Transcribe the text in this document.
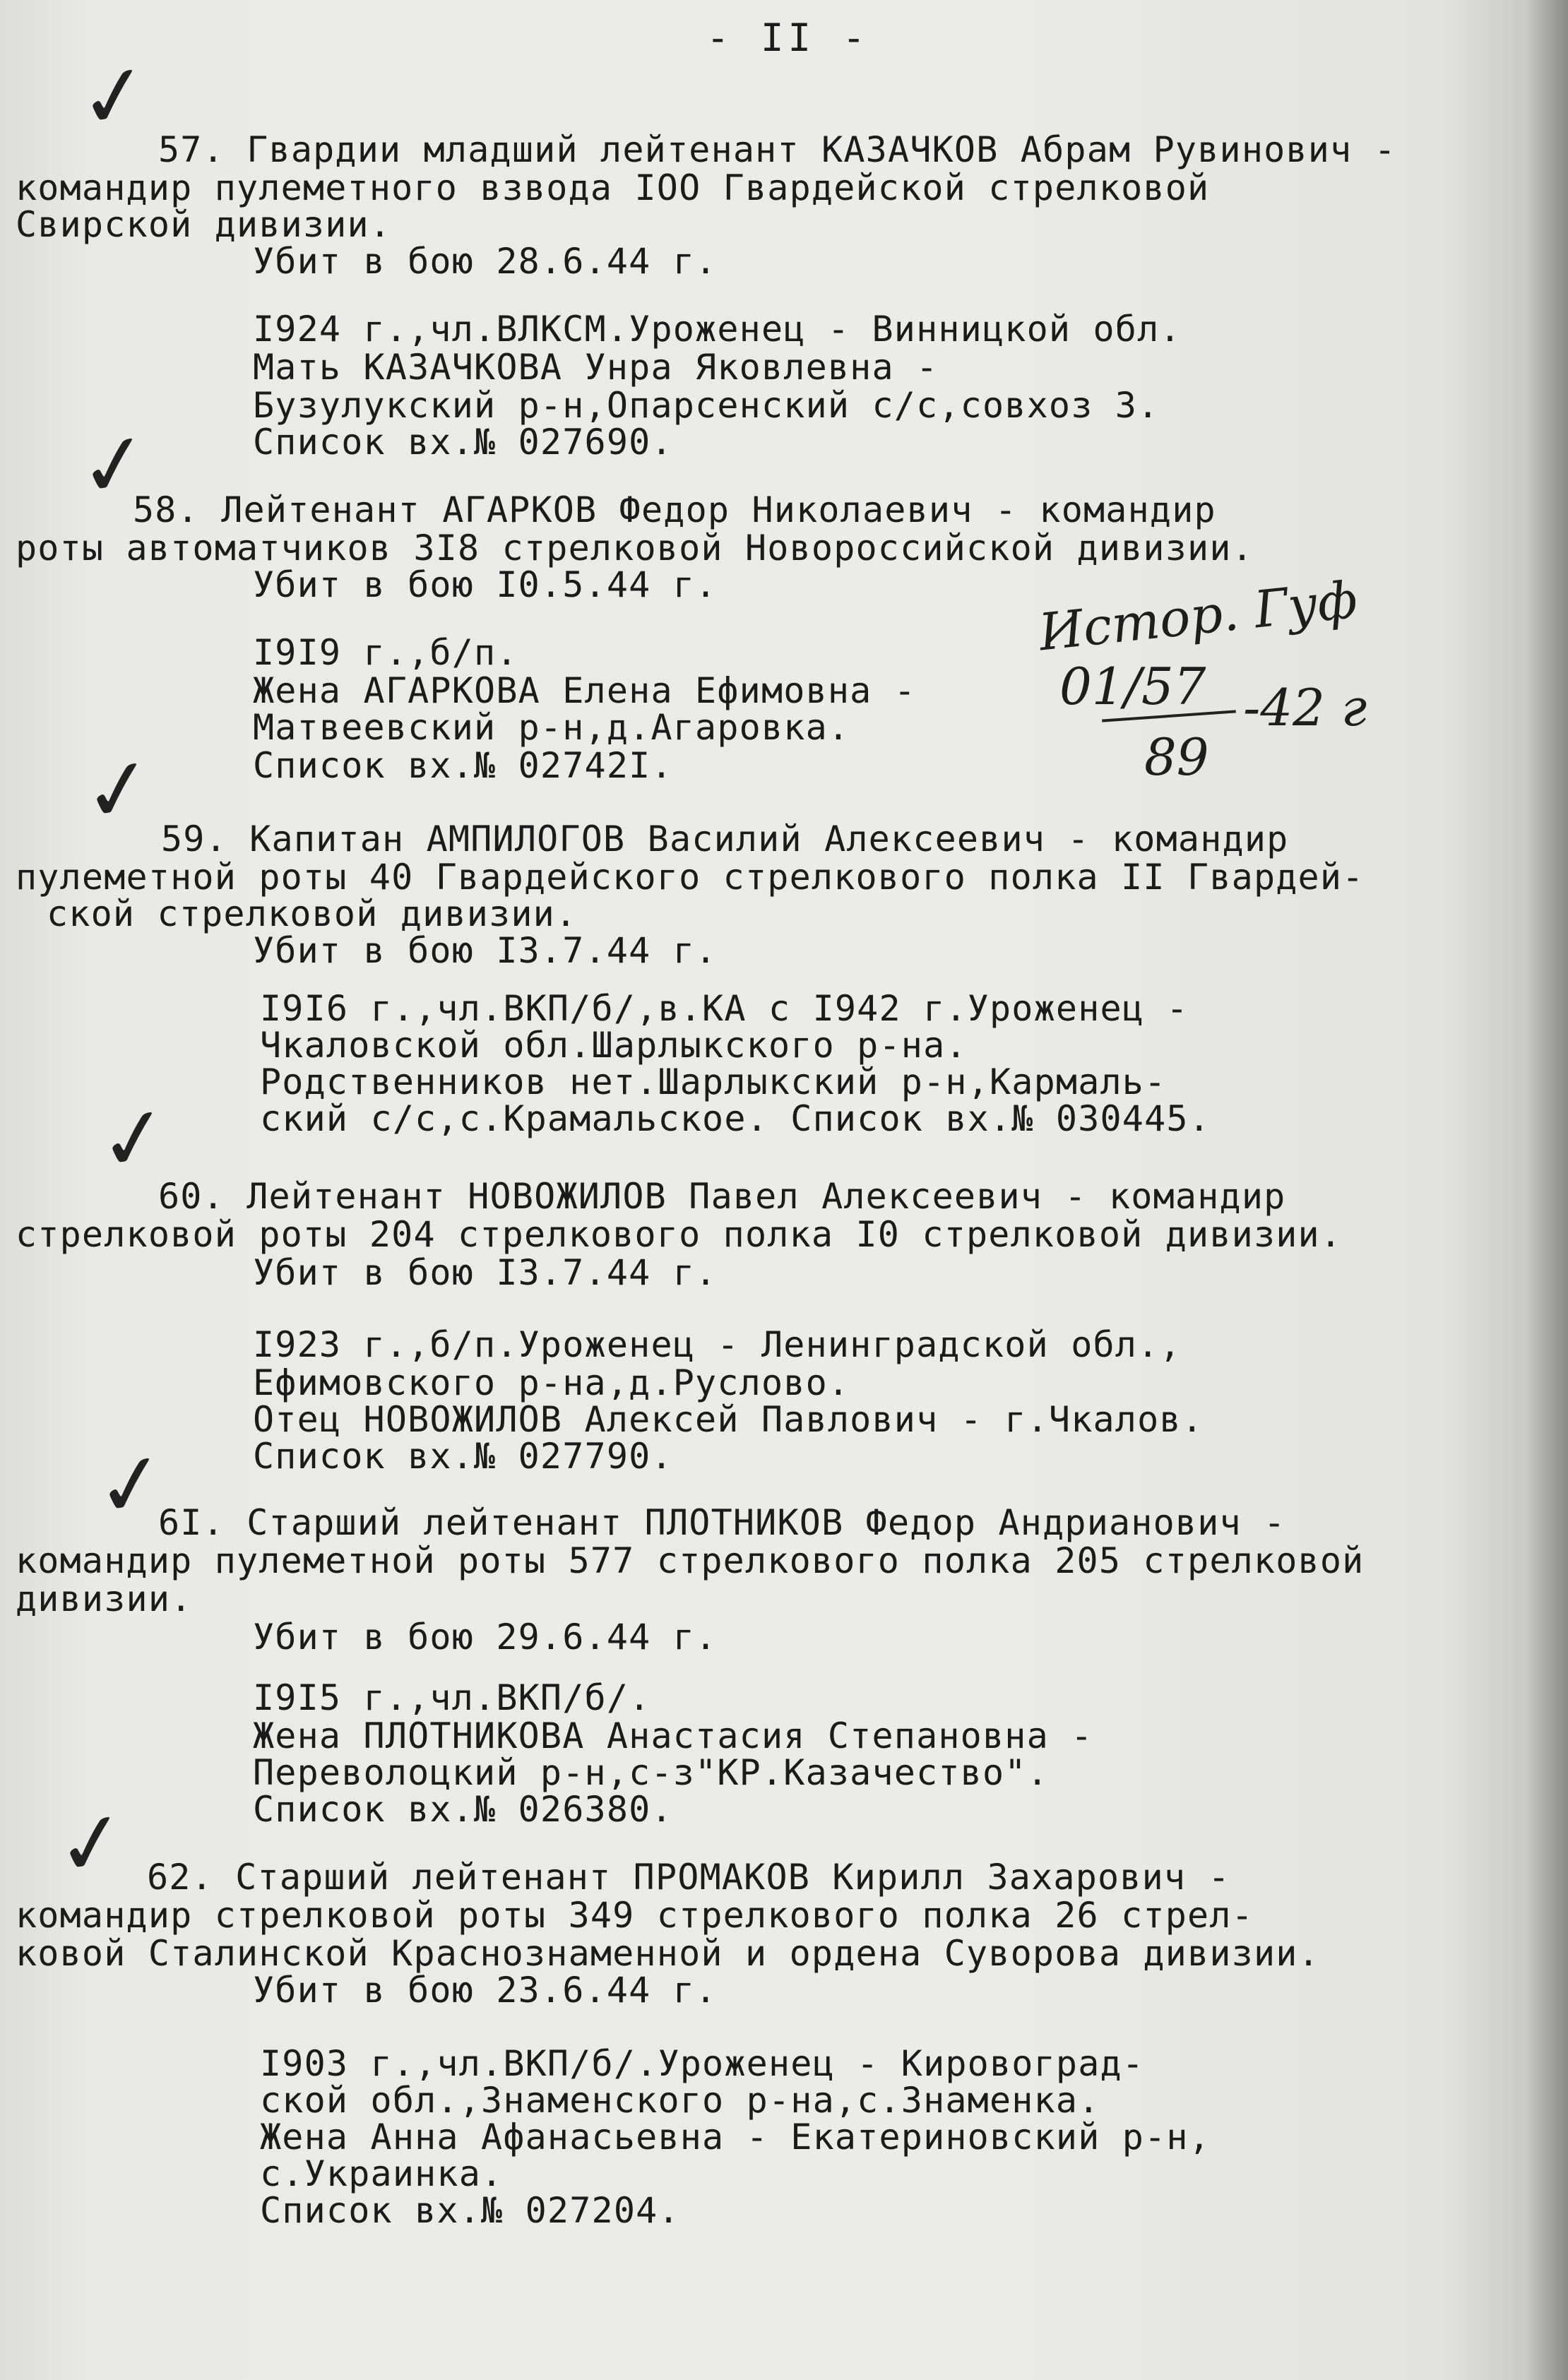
- II -
✓ 57. Гвардии младший лейтенант КАЗАЧКОВ Абрам Рувинович -
командир пулеметного взвода IOO Гвардейской стрелковой
Свирской дивизии.
Убит в бою 28.6.44 г.
I924 г.,чл.ВЛКСМ.Уроженец - Винницкой обл.
Мать КАЗАЧКОВА Унра Яковлевна -
Бузулукский р-н,Опарсенский с/с,совхоз 3.
Список вх.№ 027690.
✓
58. Лейтенант АГАРКОВ Федор Николаевич - командир
роты автоматчиков 3I8 стрелковой Новороссийской дивизии.
Убит в бою I0.5.44 г.
I9I9 г.,б/п.
Жена АГАРКОВА Елена Ефимовна -
Матвеевский р-н,д.Агаровка.
Список вх.№ 02742I.
Истор. Гуф
01/57 -42 г
89
✓ 59. Капитан АМПИЛОГОВ Василий Алексеевич - командир
пулеметной роты 40 Гвардейского стрелкового полка II Гвардей-
ской стрелковой дивизии.
Убит в бою I3.7.44 г.
I9I6 г.,чл.ВКП/б/,в.КА с I942 г.Уроженец -
Чкаловской обл.Шарлыкского р-на.
Родственников нет.Шарлыкский р-н,Кармаль-
ский с/с,с.Крамальское. Список вх.№ 030445.
✓
60. Лейтенант НОВОЖИЛОВ Павел Алексеевич - командир
стрелковой роты 204 стрелкового полка I0 стрелковой дивизии.
Убит в бою I3.7.44 г.
I923 г.,б/п.Уроженец - Ленинградской обл.,
Ефимовского р-на,д.Руслово.
Отец НОВОЖИЛОВ Алексей Павлович - г.Чкалов.
Список вх.№ 027790.
✓
6I. Старший лейтенант ПЛОТНИКОВ Федор Андрианович -
командир пулеметной роты 577 стрелкового полка 205 стрелковой
дивизии.
Убит в бою 29.6.44 г.
I9I5 г.,чл.ВКП/б/.
Жена ПЛОТНИКОВА Анастасия Степановна -
Переволоцкий р-н,с-з"КР.Казачество".
Список вх.№ 026380.
✓ 62. Старший лейтенант ПРОМАКОВ Кирилл Захарович -
командир стрелковой роты 349 стрелкового полка 26 стрел-
ковой Сталинской Краснознаменной и ордена Суворова дивизии.
Убит в бою 23.6.44 г.
I903 г.,чл.ВКП/б/.Уроженец - Кировоград-
ской обл.,Знаменского р-на,с.Знаменка.
Жена Анна Афанасьевна - Екатериновский р-н,
с.Украинка.
Список вх.№ 027204.
